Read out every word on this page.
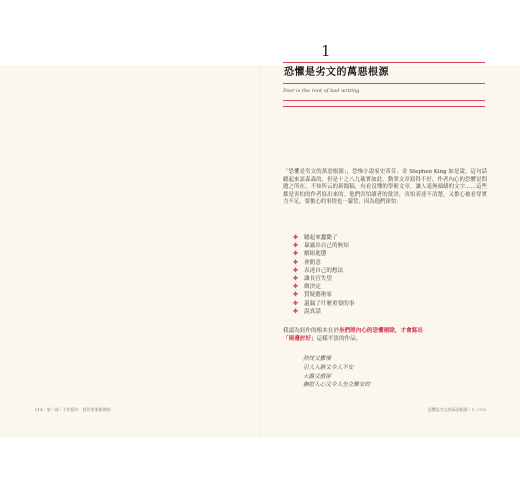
1
恐懼是劣文的萬惡根源
Fear is the root of bad writing
「恐懼是劣文的萬惡根源」，恐怖小說家史蒂芬．金 Stephen King 如是說。這句話聽起來語森森的，但是十之八九確實如此。動筆文章寫得不好，作者內心的恐懼是問題之所在。不知所云的新聞稿，有看沒懂的學術文章，讓人毫無頭緒的文字……這些都是害怕的作者寫出來的。他們害怕讀者的批評，害怕表達不清楚，又擔心被看穿實力不足，要擔心的事情也一籮筐，因為他們深怕：
✚ 聽起來蠢斃了
✚ 暴露出自己的無知
✚ 劇組進懲
✚ 會錯意
✚ 表達自己的想法
✚ 讓長官失望
✚ 做決定
✚ 質疑藝術家
✚ 還漏了什麼重要的事
✚ 說真話
我認為寫作的根本在於坐們將內心的恐懼剔除，才會寫出
「兩邊討好」這樣平淡的作品。
熱忱又鬱懷
引人入勝又令人不安
大膽又傲卻
撫慰人心又令人坐立難安的
014｜第二部｜不怕寫作　寫作要重新開始	恐懼是劣文的萬惡根源｜1｜015
